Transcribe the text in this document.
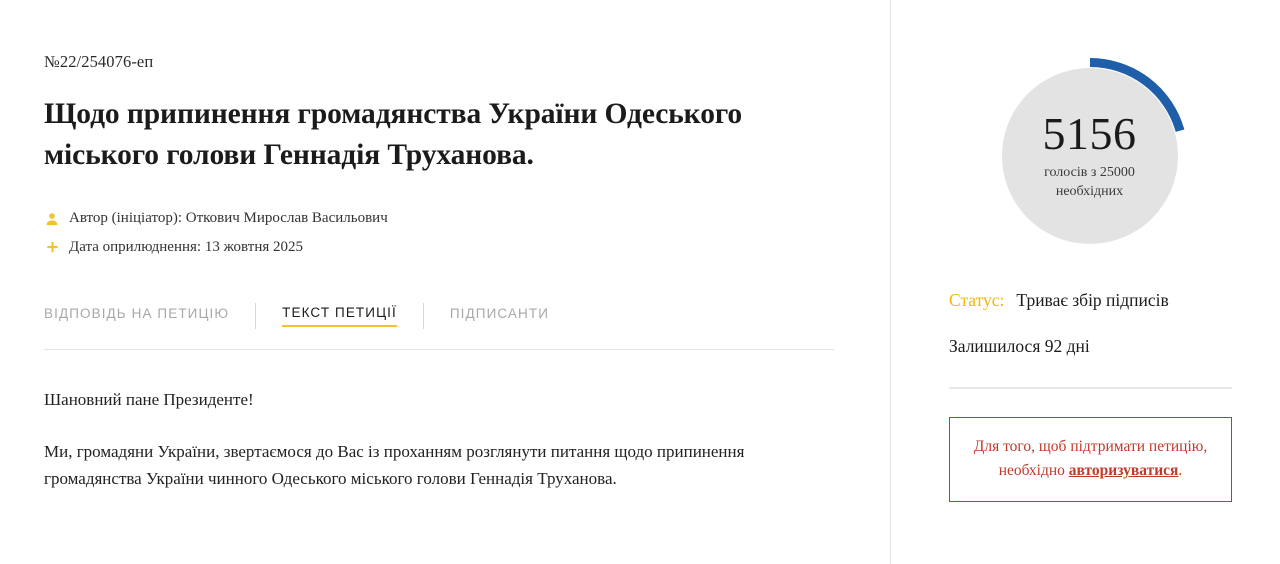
№22/254076-еп
Щодо припинення громадянства України Одеського міського голови Геннадія Труханова.
Автор (ініціатор): Откович Мирослав Васильович
Дата оприлюднення: 13 жовтня 2025
ВІДПОВІДЬ НА ПЕТИЦІЮ	ТЕКСТ ПЕТИЦІЇ	ПІДПИСАНТИ

Шановний пане Президенте!

Ми, громадяни України, звертаємося до Вас із проханням розглянути питання щодо припинення громадянства України чинного Одеського міського голови Геннадія Труханова.

5156
голосів з 25000
необхідних
Статус: Триває збір підписів
Залишилося 92 дні
Для того, щоб підтримати петицію, необхідно авторизуватися.
